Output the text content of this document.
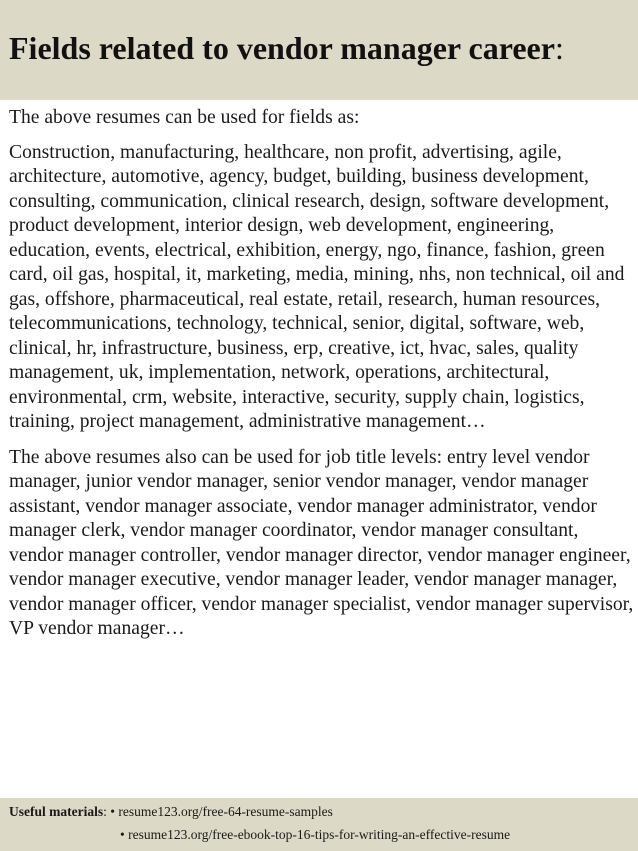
Fields related to vendor manager career:

The above resumes can be used for fields as:

Construction, manufacturing, healthcare, non profit, advertising, agile, architecture, automotive, agency, budget, building, business development, consulting, communication, clinical research, design, software development, product development, interior design, web development, engineering, education, events, electrical, exhibition, energy, ngo, finance, fashion, green card, oil gas, hospital, it, marketing, media, mining, nhs, non technical, oil and gas, offshore, pharmaceutical, real estate, retail, research, human resources, telecommunications, technology, technical, senior, digital, software, web, clinical, hr, infrastructure, business, erp, creative, ict, hvac, sales, quality management, uk, implementation, network, operations, architectural, environmental, crm, website, interactive, security, supply chain, logistics, training, project management, administrative management…

The above resumes also can be used for job title levels: entry level vendor manager, junior vendor manager, senior vendor manager, vendor manager assistant, vendor manager associate, vendor manager administrator, vendor manager clerk, vendor manager coordinator, vendor manager consultant, vendor manager controller, vendor manager director, vendor manager engineer, vendor manager executive, vendor manager leader, vendor manager manager, vendor manager officer, vendor manager specialist, vendor manager supervisor, VP vendor manager…

Useful materials: • resume123.org/free-64-resume-samples
• resume123.org/free-ebook-top-16-tips-for-writing-an-effective-resume
